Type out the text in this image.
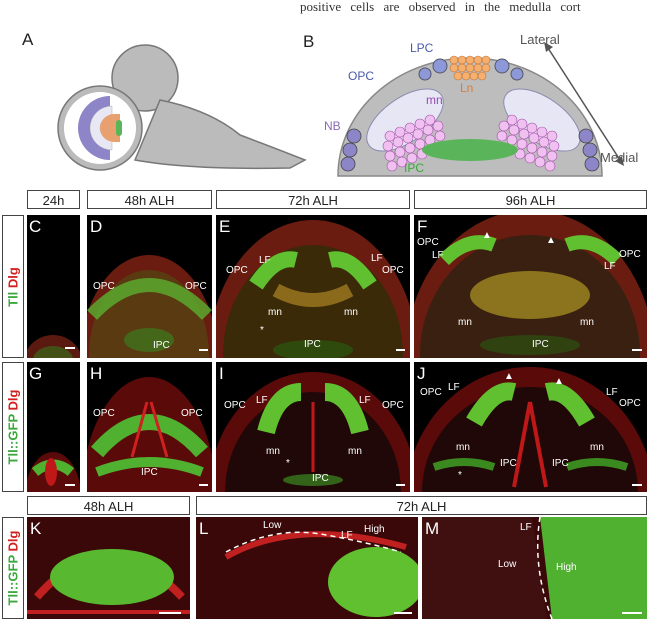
positive cells are observed in the medulla cort
A	B	Lateral
Medial
LPC
OPC
Ln
mn
NB
IPC
24h	48h ALH	72h ALH	96h ALH
Tll Dlg
Tll::GFP Dlg
Tll::GFP Dlg
C	D
OPC	OPC
IPC
E
OPC
LF	LF
OPC
mn	mn
*
IPC
F
OPC
LF
LF
OPC
▲	▲
mn	mn
IPC
G	H
OPC	OPC
IPC
I
OPC LF	LF OPC
mn	mn
*
IPC
J
OPC LF	LF
OPC
▲	▲
mn	mn
*
IPC	IPC
48h ALH	72h ALH
K	L	Low
LF
High M	LF
Low	High
